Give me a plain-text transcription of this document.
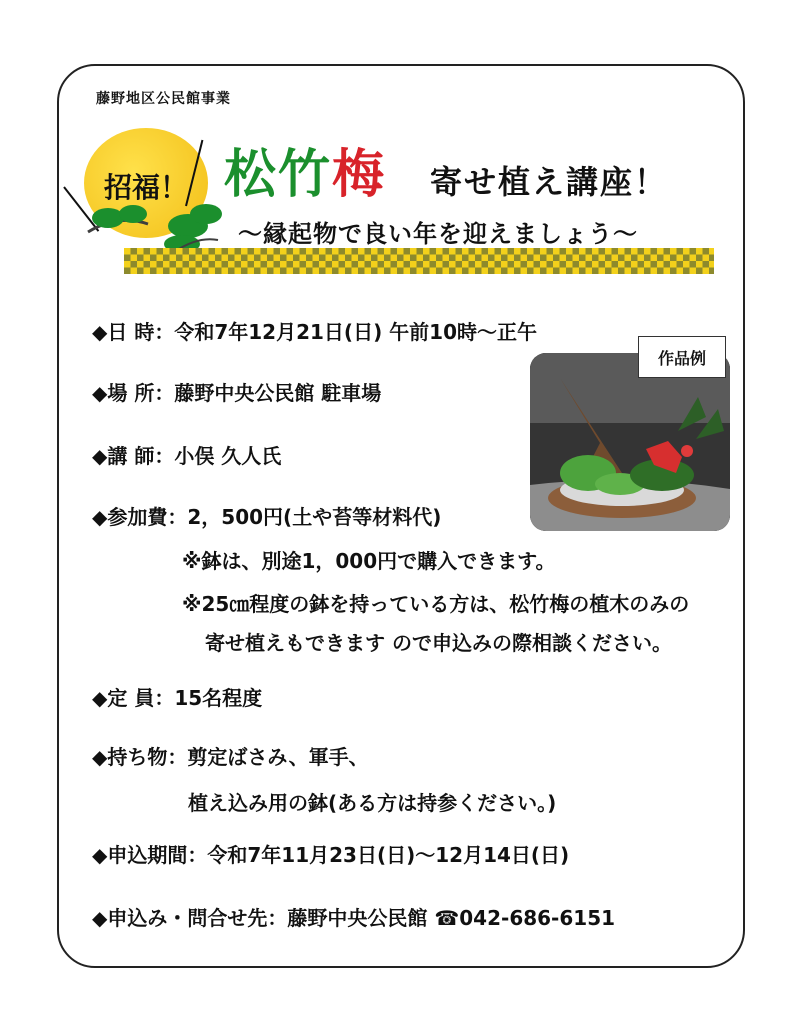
藤野地区公民館事業
招福！ 松竹梅 寄せ植え講座！
～縁起物で良い年を迎えましょう～
作品例
◆日 時：令和7年12月21日(日) 午前10時～正午
◆場 所：藤野中央公民館 駐車場
◆講 師：小俣 久人氏
◆参加費：2，500円(土や苔等材料代)
※鉢は、別途1，000円で購入できます。
※25㎝程度の鉢を持っている方は、松竹梅の植木のみの
寄せ植えもできます ので申込みの際相談ください。
◆定 員：15名程度
◆持ち物：剪定ばさみ、軍手、
植え込み用の鉢(ある方は持参ください。)
◆申込期間：令和7年11月23日(日)～12月14日(日)
◆申込み・問合せ先：藤野中央公民館 ☎042-686-6151
